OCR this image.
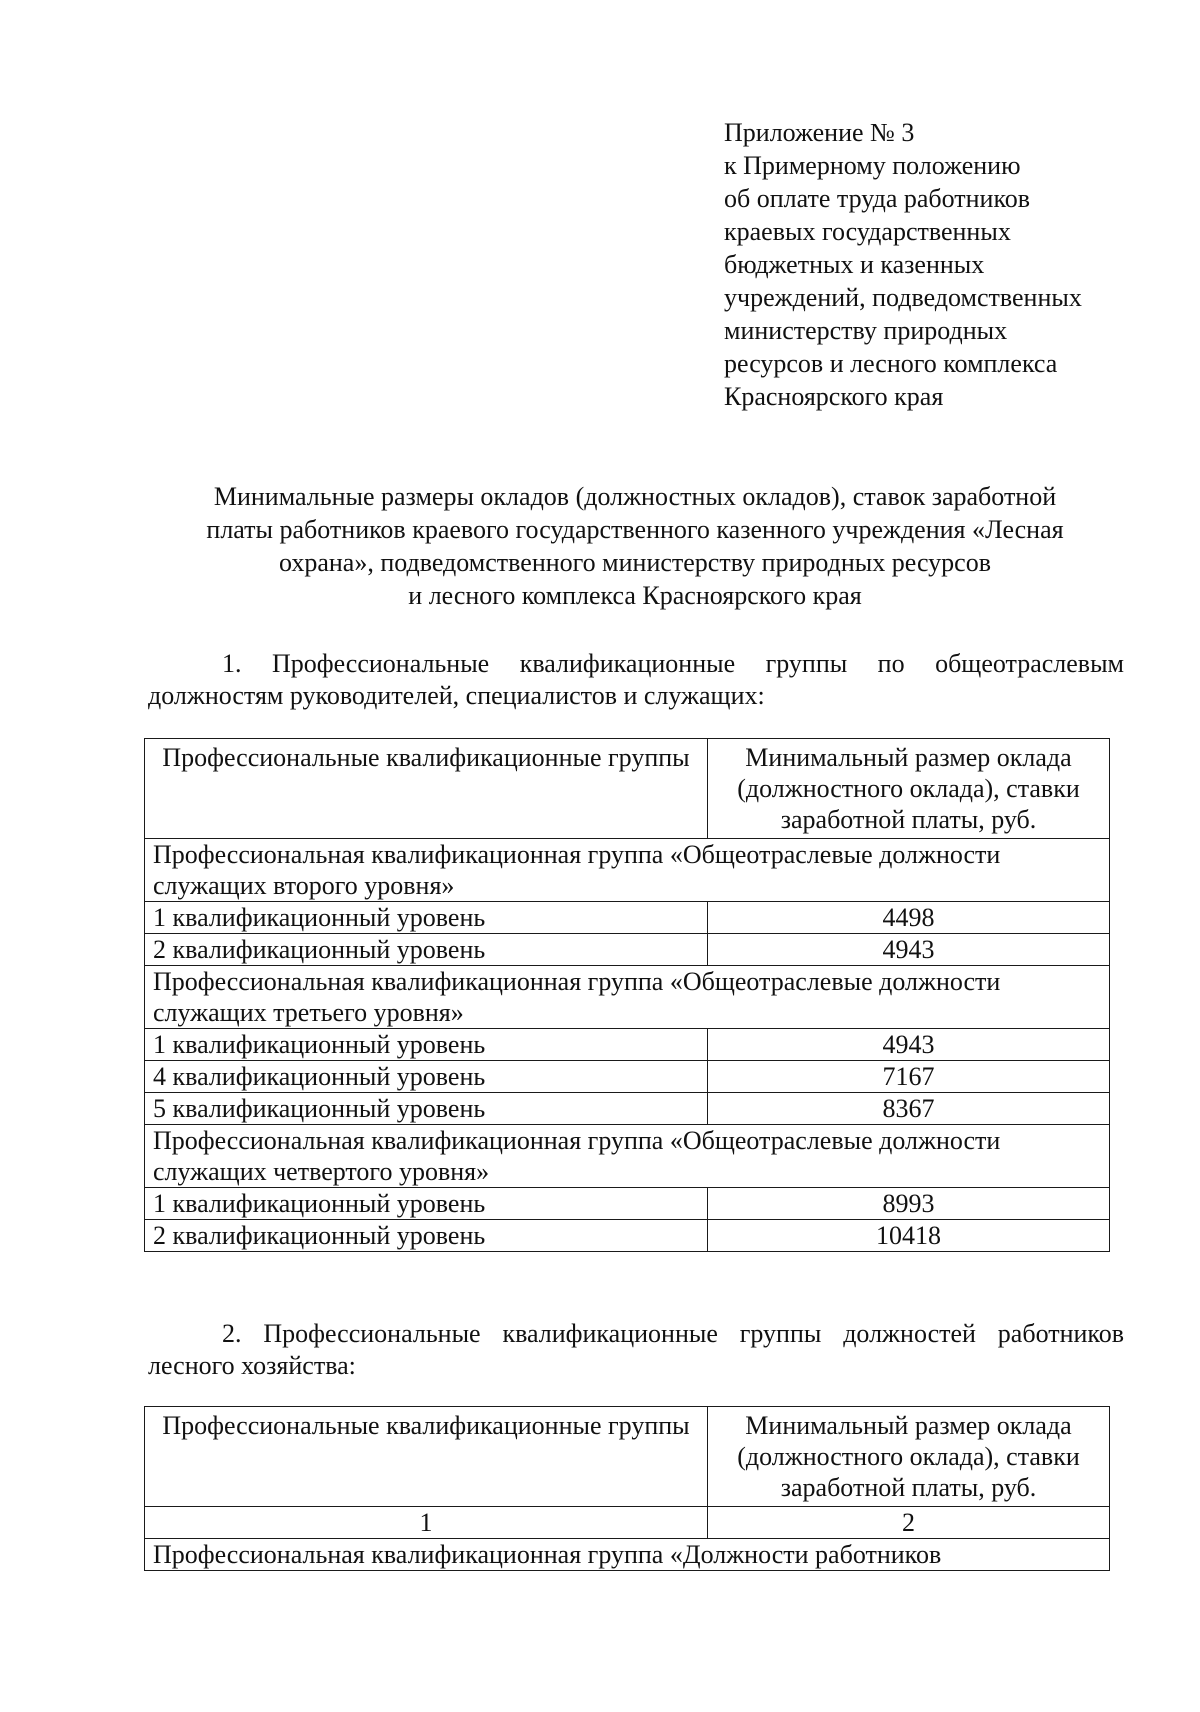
Приложение № 3
к Примерному положению
об оплате труда работников
краевых государственных
бюджетных и казенных
учреждений, подведомственных
министерству природных
ресурсов и лесного комплекса
Красноярского края
Минимальные размеры окладов (должностных окладов), ставок заработной
платы работников краевого государственного казенного учреждения «Лесная
охрана», подведомственного министерству природных ресурсов
и лесного комплекса Красноярского края
1. Профессиональные квалификационные группы по общеотраслевым
должностям руководителей, специалистов и служащих:
Профессиональные квалификационные группы	Минимальный размер оклада (должностного оклада), ставки заработной платы, руб.
Профессиональная квалификационная группа «Общеотраслевые должности служащих второго уровня»	
1 квалификационный уровень	4498
2 квалификационный уровень	4943
Профессиональная квалификационная группа «Общеотраслевые должности служащих третьего уровня»	
1 квалификационный уровень	4943
4 квалификационный уровень	7167
5 квалификационный уровень	8367
Профессиональная квалификационная группа «Общеотраслевые должности служащих четвертого уровня»	
1 квалификационный уровень	8993
2 квалификационный уровень	10418
2. Профессиональные квалификационные группы должностей работников
лесного хозяйства:
Профессиональные квалификационные группы	Минимальный размер оклада (должностного оклада), ставки заработной платы, руб.
1	2
Профессиональная квалификационная группа «Должности работников	
